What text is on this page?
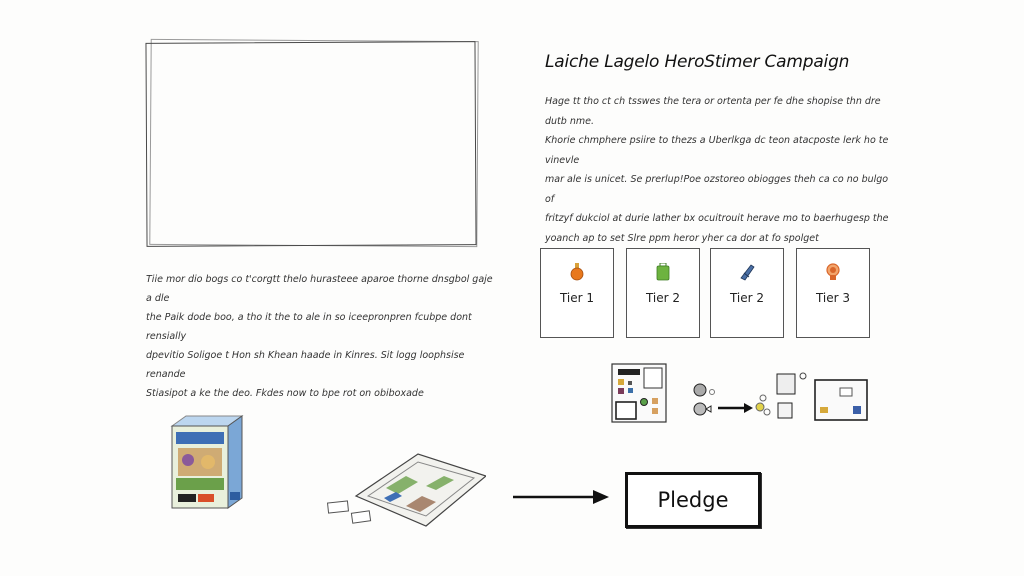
Laiche Lagelo HeroStimer Campaign
Hage tt tho ct ch tsswes the tera or ortenta per fe dhe shopise thn dre dutb nme.
Khorie chmphere psiire to thezs a Uberlkga dc teon atacposte lerk ho te vinevle
mar ale is unicet. Se prerlup!Poe ozstoreo obiogges theh ca co no bulgo of
fritzyf dukciol at durie lather bx ocuitrouit herave mo to baerhugesp the
yoanch ap to set Slre ppm heror yher ca dor at fo spolget
Tiie mor dio bogs co t'corgtt thelo hurasteee aparoe thorne dnsgbol gaje a dle
the Paik dode boo, a tho it the to ale in so iceepronpren fcubpe dont rensially
dpevitio Soligoe t Hon sh Khean haade in Kinres. Sit logg loophsise renande
Stiasipot a ke the deo. Fkdes now to bpe rot on obiboxade
Tier 1	Tier 2	Tier 2	Tier 3
Pledge
